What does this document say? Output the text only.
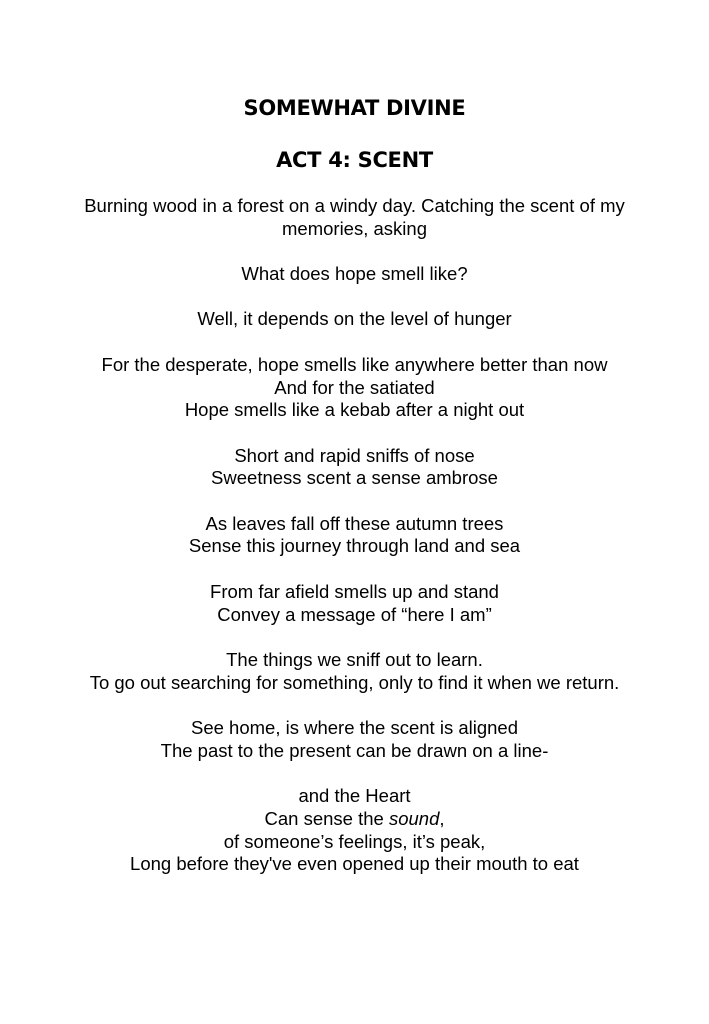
SOMEWHAT DIVINE
ACT 4: SCENT
Burning wood in a forest on a windy day. Catching the scent of my memories, asking
What does hope smell like?
Well, it depends on the level of hunger
For the desperate, hope smells like anywhere better than now
And for the satiated
Hope smells like a kebab after a night out
Short and rapid sniffs of nose
Sweetness scent a sense ambrose
As leaves fall off these autumn trees
Sense this journey through land and sea
From far afield smells up and stand
Convey a message of “here I am”
The things we sniff out to learn.
To go out searching for something, only to find it when we return.
See home, is where the scent is aligned
The past to the present can be drawn on a line-
and the Heart
Can sense the sound,
of someone’s feelings, it’s peak,
Long before they've even opened up their mouth to eat
